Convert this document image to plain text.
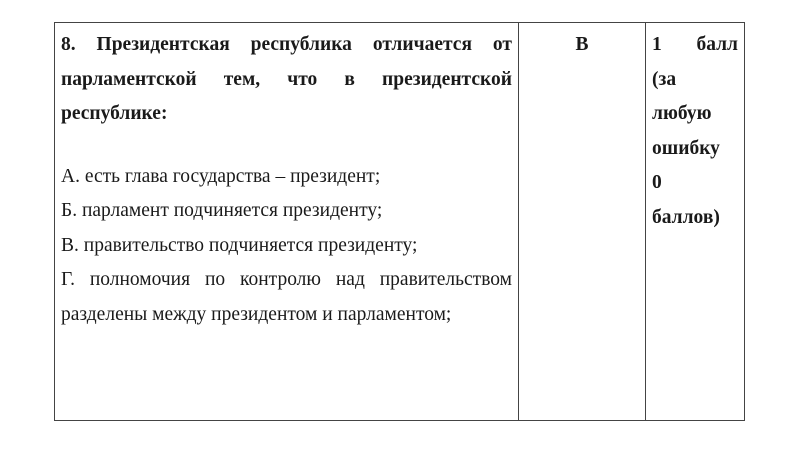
8. Президентская республика отличается от парламентской тем, что в президентской республике:
А. есть глава государства – президент;
Б. парламент подчиняется президенту;
В. правительство подчиняется президенту;
Г. полномочия по контролю над правительством разделены между президентом и парламентом;
В	1 балл
(за
любую
ошибку
0
баллов)
